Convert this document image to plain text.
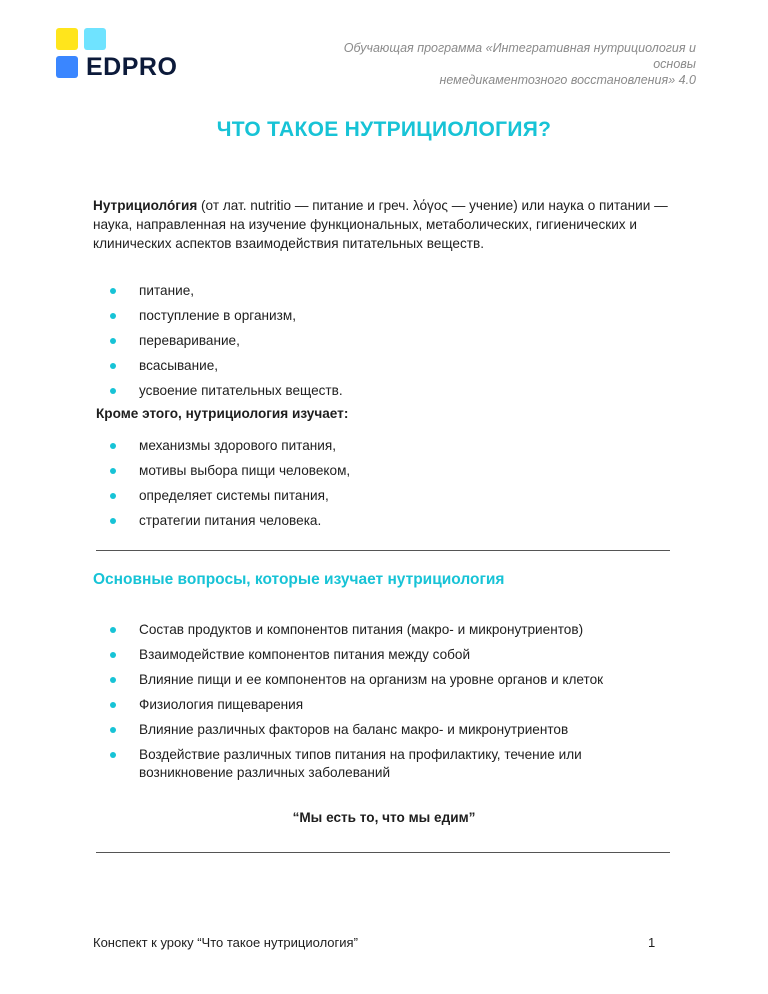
EDPRO
Обучающая программа «Интегративная нутрициология и
основы
немедикаментозного восстановления» 4.0
ЧТО ТАКОЕ НУТРИЦИОЛОГИЯ?
Нутрициоло́гия (от лат. nutritio — питание и греч. λόγος — учение) или наука о питании — наука, направленная на изучение функциональных, метаболических, гигиенических и клинических аспектов взаимодействия питательных веществ.
питание,
поступление в организм,
переваривание,
всасывание,
усвоение питательных веществ.
Кроме этого, нутрициология изучает:
механизмы здорового питания,
мотивы выбора пищи человеком,
определяет системы питания,
стратегии питания человека.
Основные вопросы, которые изучает нутрициология
Состав продуктов и компонентов питания (макро- и микронутриентов)
Взаимодействие компонентов питания между собой
Влияние пищи и ее компонентов на организм на уровне органов и клеток
Физиология пищеварения
Влияние различных факторов на баланс макро- и микронутриентов
Воздействие различных типов питания на профилактику, течение или возникновение различных заболеваний
“Мы есть то, что мы едим”
Конспект к уроку “Что такое нутрициология”	1
